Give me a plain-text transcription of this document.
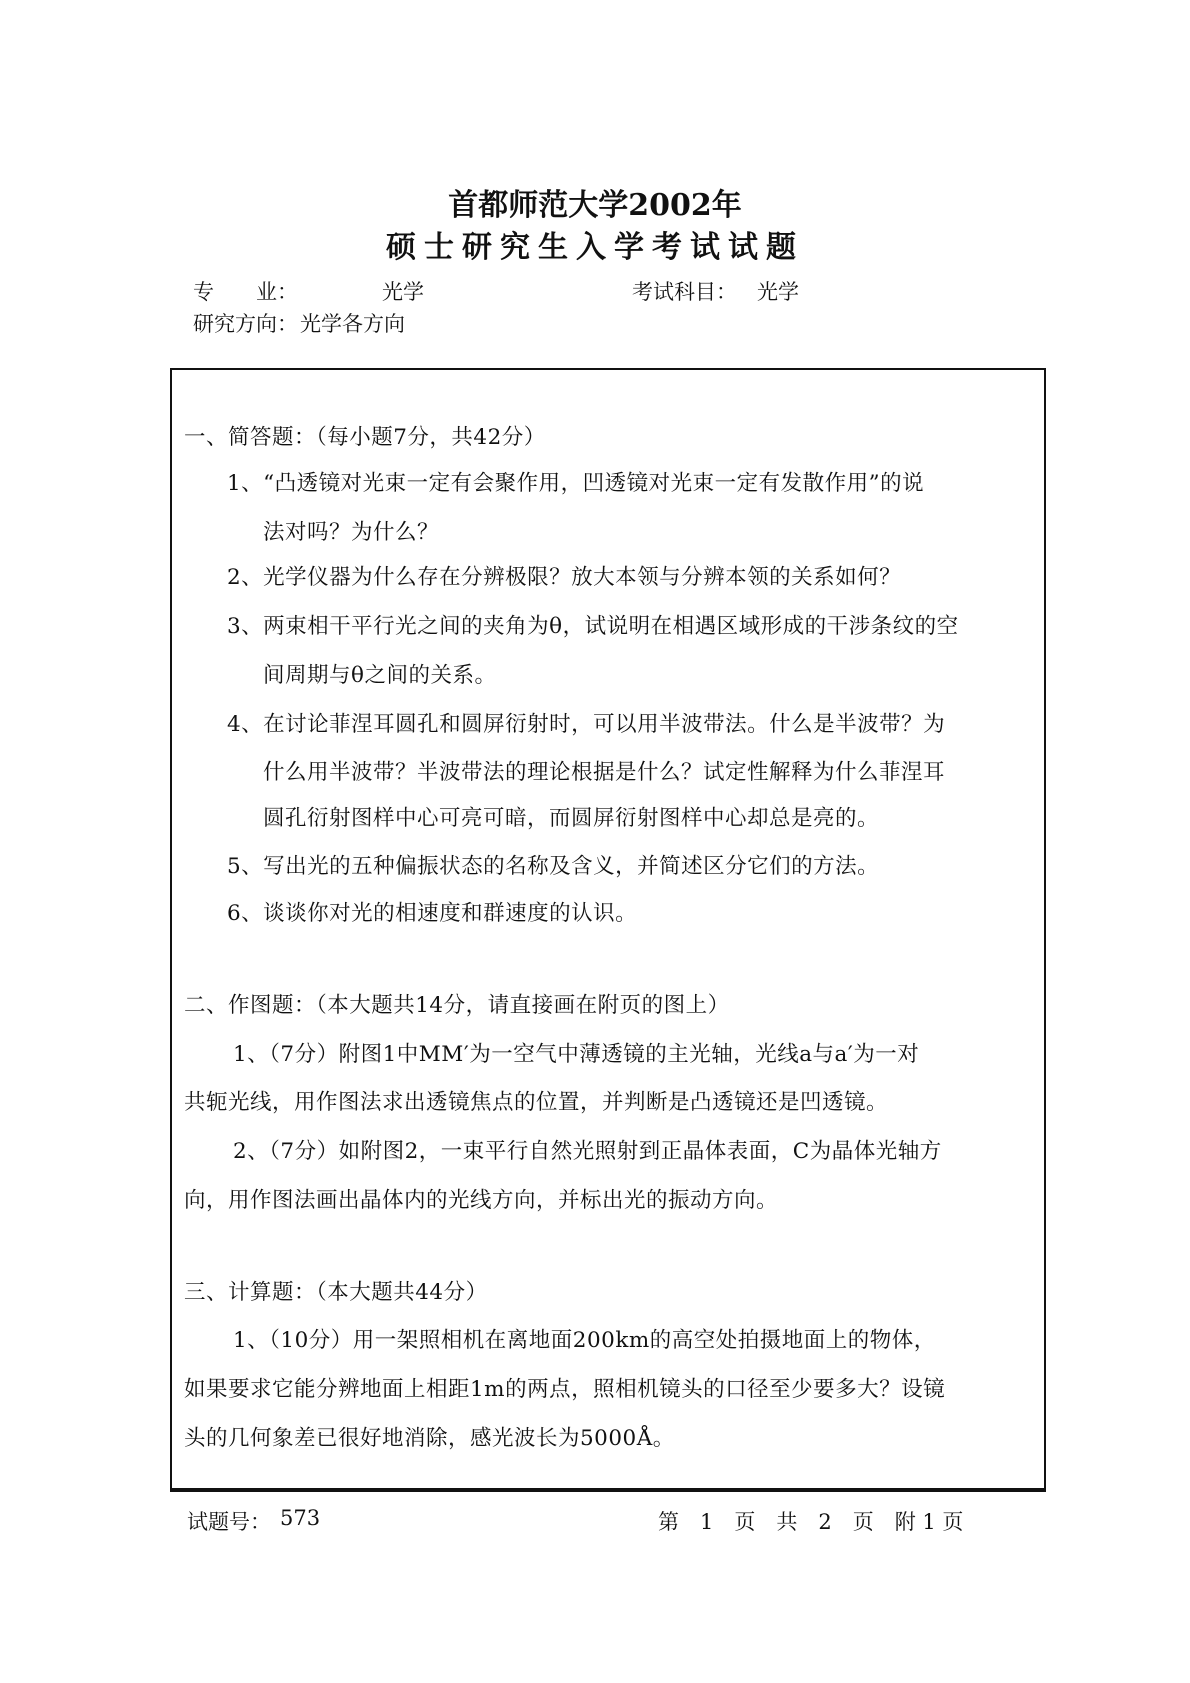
首都师范大学2002年
硕士研究生入学考试试题
专　　业：	光学	考试科目： 光学
研究方向： 光学各方向
一、简答题：（每小题7分，共42分）
1、“凸透镜对光束一定有会聚作用，凹透镜对光束一定有发散作用”的说
法对吗？为什么？
2、光学仪器为什么存在分辨极限？放大本领与分辨本领的关系如何？
3、两束相干平行光之间的夹角为θ，试说明在相遇区域形成的干涉条纹的空
间周期与θ之间的关系。
4、在讨论菲涅耳圆孔和圆屏衍射时，可以用半波带法。什么是半波带？为
什么用半波带？半波带法的理论根据是什么？试定性解释为什么菲涅耳
圆孔衍射图样中心可亮可暗，而圆屏衍射图样中心却总是亮的。
5、写出光的五种偏振状态的名称及含义，并简述区分它们的方法。
6、谈谈你对光的相速度和群速度的认识。
二、作图题：（本大题共14分，请直接画在附页的图上）
1、（7分）附图1中MM′为一空气中薄透镜的主光轴，光线a与a′为一对
共轭光线，用作图法求出透镜焦点的位置，并判断是凸透镜还是凹透镜。
2、（7分）如附图2，一束平行自然光照射到正晶体表面，C为晶体光轴方
向，用作图法画出晶体内的光线方向，并标出光的振动方向。
三、计算题：（本大题共44分）
1、（10分）用一架照相机在离地面200km的高空处拍摄地面上的物体，
如果要求它能分辨地面上相距1m的两点，照相机镜头的口径至少要多大？设镜
头的几何象差已很好地消除，感光波长为5000Å。
试题号： 573	第　1　页　共　2　页　附 1 页
